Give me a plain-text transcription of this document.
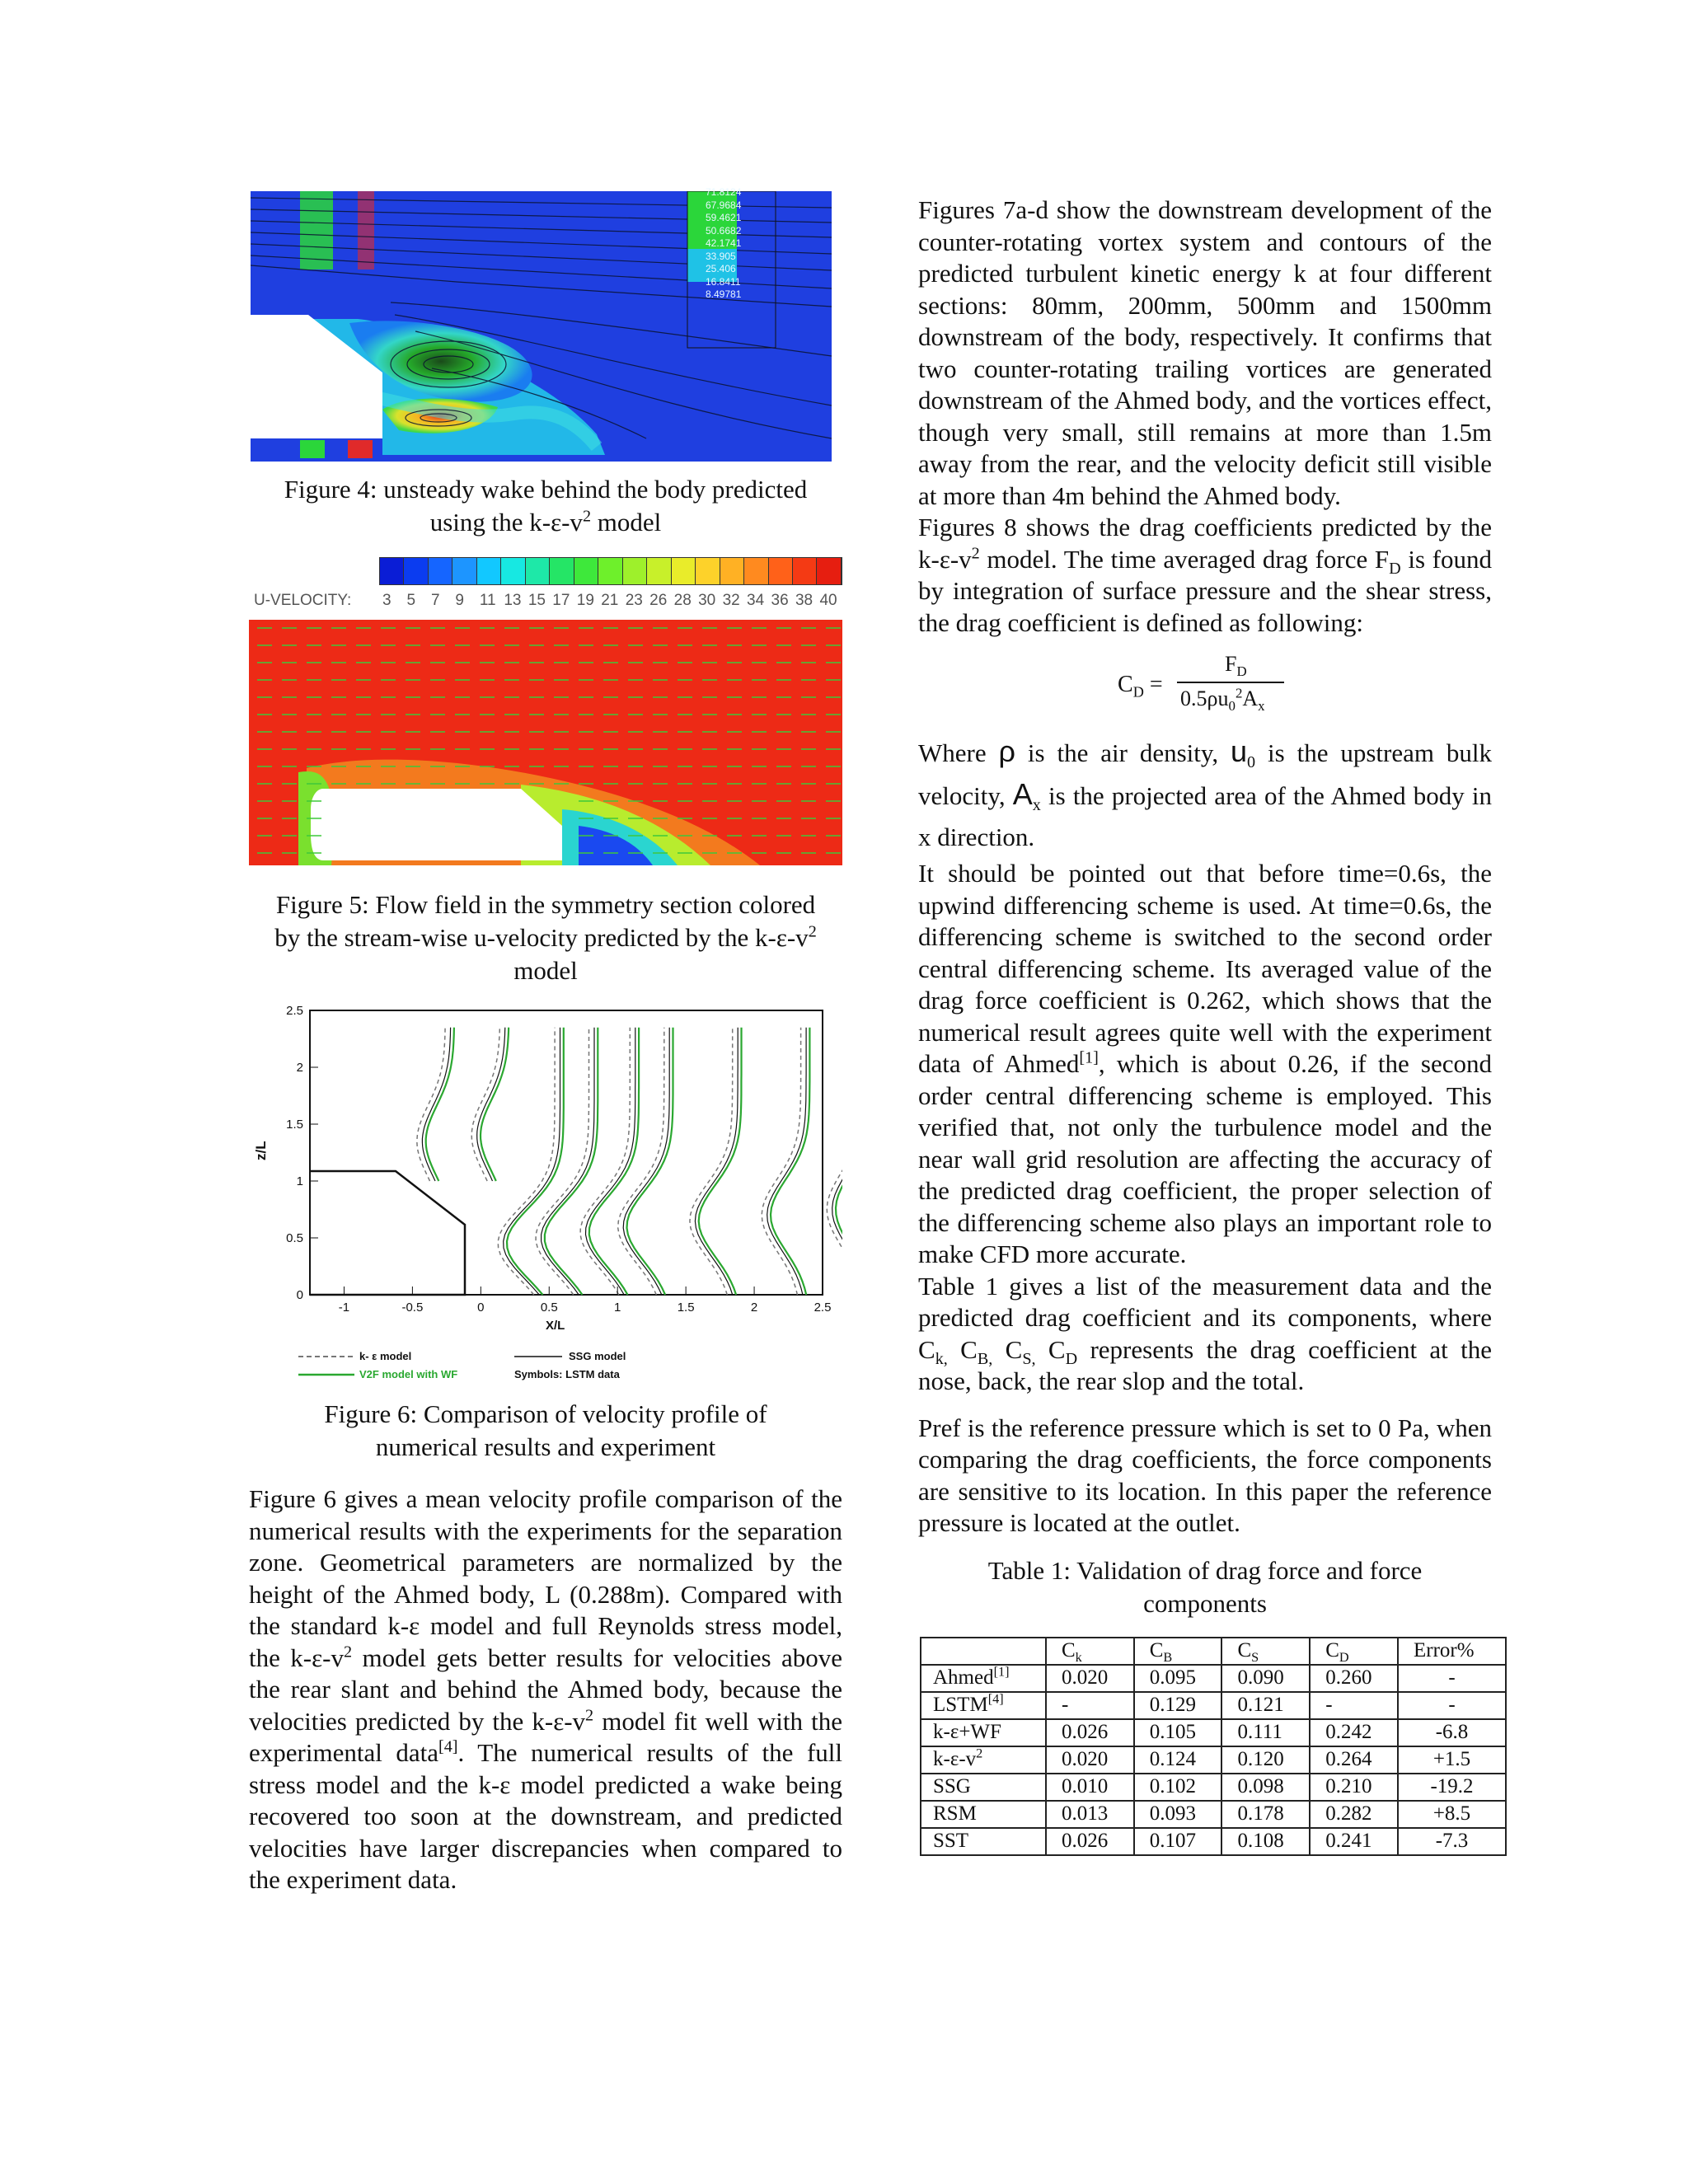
71.8124
67.9684
59.4621
50.6682
42.1741
33.905
25.406
16.8411
8.49781

Figure 4: unsteady wake behind the body predicted
using the $k-\varepsilon-v^2$ model

U-VELOCITY: 3 5 7 9 11 13 15 17 19 21 23 26 28 30 32 34 36 38 40

Figure 5: Flow field in the symmetry section colored
by the stream-wise u-velocity predicted by the $k-\varepsilon-v^2$
model

2.5
2
1.5
1
0.5
0
-1	-0.5	0	0.5	1	1.5	2	2.5
z/L
X/L
k- ε model	SSG model
V2F model with WF	Symbols: LSTM data

Figure 6: Comparison of velocity profile of
numerical results and experiment

Figure 6 gives a mean velocity profile comparison of the numerical results with the experiments for the separation zone. Geometrical parameters are normalized by the height of the Ahmed body, L (0.288m). Compared with the standard k-ε model and full Reynolds stress model, the $k-\varepsilon-v^2$ model gets better results for velocities above the rear slant and behind the Ahmed body, because the velocities predicted by the $k-\varepsilon-v^2$ model fit well with the experimental data[4]. The numerical results of the full stress model and the k-ε model predicted a wake being recovered too soon at the downstream, and predicted velocities have larger discrepancies when compared to the experiment data.

Figures 7a-d show the downstream development of the counter-rotating vortex system and contours of the predicted turbulent kinetic energy k at four different sections: 80mm, 200mm, 500mm and 1500mm downstream of the body, respectively. It confirms that two counter-rotating trailing vortices are generated downstream of the Ahmed body, and the vortices effect, though very small, still remains at more than 1.5m away from the rear, and the velocity deficit still visible at more than 4m behind the Ahmed body.

Figures 8 shows the drag coefficients predicted by the $k-\varepsilon-v^2$ model. The time averaged drag force $F_D$ is found by integration of surface pressure and the shear stress, the drag coefficient is defined as following:

$C_D$ =
$F_D$
$0.5\rho u_0^2A_x$

Where ρ is the air density, $u_0$ is the upstream bulk velocity, $A_x$ is the projected area of the Ahmed body in x direction.

It should be pointed out that before time=0.6s, the upwind differencing scheme is used. At time=0.6s, the differencing scheme is switched to the second order central differencing scheme. Its averaged value of the drag force coefficient is 0.262, which shows that the numerical result agrees quite well with the experiment data of Ahmed[1], which is about 0.26, if the second order central differencing scheme is employed. This verified that, not only the turbulence model and the near wall grid resolution are affecting the accuracy of the predicted drag coefficient, the proper selection of the differencing scheme also plays an important role to make CFD more accurate.

Table 1 gives a list of the measurement data and the predicted drag coefficient and its components, where $C_{k,}$ $C_{B,}$ $C_{S,}$ $C_D$ represents the drag coefficient at the nose, back, the rear slop and the total.

Pref is the reference pressure which is set to 0 Pa, when comparing the drag coefficients, the force components are sensitive to its location. In this paper the reference pressure is located at the outlet.

Table 1: Validation of drag force and force
components

	$C_k$	$C_B$	$C_S$	$C_D$	Error%
Ahmed[1]	0.020	0.095	0.090	0.260	-
LSTM[4]	-	0.129	0.121	-	-
k-ε+WF	0.026	0.105	0.111	0.242	-6.8
$k-\varepsilon-v^2$	0.020	0.124	0.120	0.264	+1.5
SSG	0.010	0.102	0.098	0.210	-19.2
RSM	0.013	0.093	0.178	0.282	+8.5
SST	0.026	0.107	0.108	0.241	-7.3
